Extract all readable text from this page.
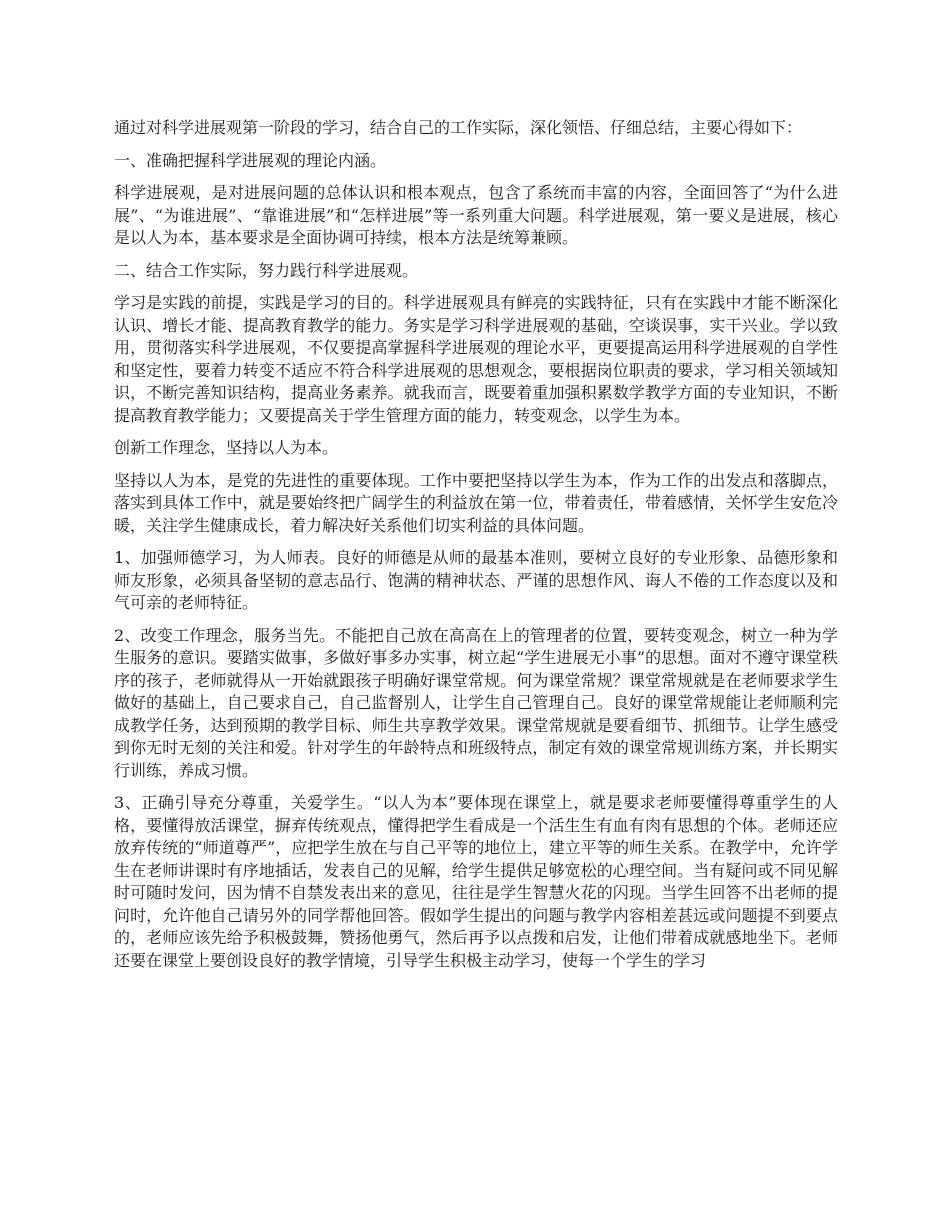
通过对科学进展观第一阶段的学习，结合自己的工作实际，深化领悟、仔细总结，主要心得如下：

一、准确把握科学进展观的理论内涵。

科学进展观，是对进展问题的总体认识和根本观点，包含了系统而丰富的内容，全面回答了“为什么进展”、“为谁进展”、“靠谁进展”和“怎样进展”等一系列重大问题。科学进展观，第一要义是进展，核心是以人为本，基本要求是全面协调可持续，根本方法是统筹兼顾。

二、结合工作实际，努力践行科学进展观。

学习是实践的前提，实践是学习的目的。科学进展观具有鲜亮的实践特征，只有在实践中才能不断深化认识、增长才能、提高教育教学的能力。务实是学习科学进展观的基础，空谈误事，实干兴业。学以致用，贯彻落实科学进展观，不仅要提高掌握科学进展观的理论水平，更要提高运用科学进展观的自学性和坚定性，要着力转变不适应不符合科学进展观的思想观念，要根据岗位职责的要求，学习相关领域知识，不断完善知识结构，提高业务素养。就我而言，既要着重加强积累数学教学方面的专业知识，不断提高教育教学能力；又要提高关于学生管理方面的能力，转变观念，以学生为本。

创新工作理念，坚持以人为本。

坚持以人为本，是党的先进性的重要体现。工作中要把坚持以学生为本，作为工作的出发点和落脚点，落实到具体工作中，就是要始终把广阔学生的利益放在第一位，带着责任，带着感情，关怀学生安危冷暖，关注学生健康成长，着力解决好关系他们切实利益的具体问题。

1、加强师德学习，为人师表。良好的师德是从师的最基本准则，要树立良好的专业形象、品德形象和师友形象，必须具备坚韧的意志品行、饱满的精神状态、严谨的思想作风、诲人不倦的工作态度以及和气可亲的老师特征。

2、改变工作理念，服务当先。不能把自己放在高高在上的管理者的位置，要转变观念，树立一种为学生服务的意识。要踏实做事，多做好事多办实事，树立起“学生进展无小事”的思想。面对不遵守课堂秩序的孩子，老师就得从一开始就跟孩子明确好课堂常规。何为课堂常规？课堂常规就是在老师要求学生做好的基础上，自己要求自己，自己监督别人，让学生自己管理自己。良好的课堂常规能让老师顺利完成教学任务，达到预期的教学目标、师生共享教学效果。课堂常规就是要看细节、抓细节。让学生感受到你无时无刻的关注和爱。针对学生的年龄特点和班级特点，制定有效的课堂常规训练方案，并长期实行训练，养成习惯。

3、正确引导充分尊重，关爱学生。“以人为本”要体现在课堂上，就是要求老师要懂得尊重学生的人格，要懂得放活课堂，摒弃传统观点，懂得把学生看成是一个活生生有血有肉有思想的个体。老师还应放弃传统的“师道尊严”，应把学生放在与自己平等的地位上，建立平等的师生关系。在教学中，允许学生在老师讲课时有序地插话，发表自己的见解，给学生提供足够宽松的心理空间。当有疑问或不同见解时可随时发问，因为情不自禁发表出来的意见，往往是学生智慧火花的闪现。当学生回答不出老师的提问时，允许他自己请另外的同学帮他回答。假如学生提出的问题与教学内容相差甚远或问题提不到要点的，老师应该先给予积极鼓舞，赞扬他勇气，然后再予以点拨和启发，让他们带着成就感地坐下。老师还要在课堂上要创设良好的教学情境，引导学生积极主动学习，使每一个学生的学习
